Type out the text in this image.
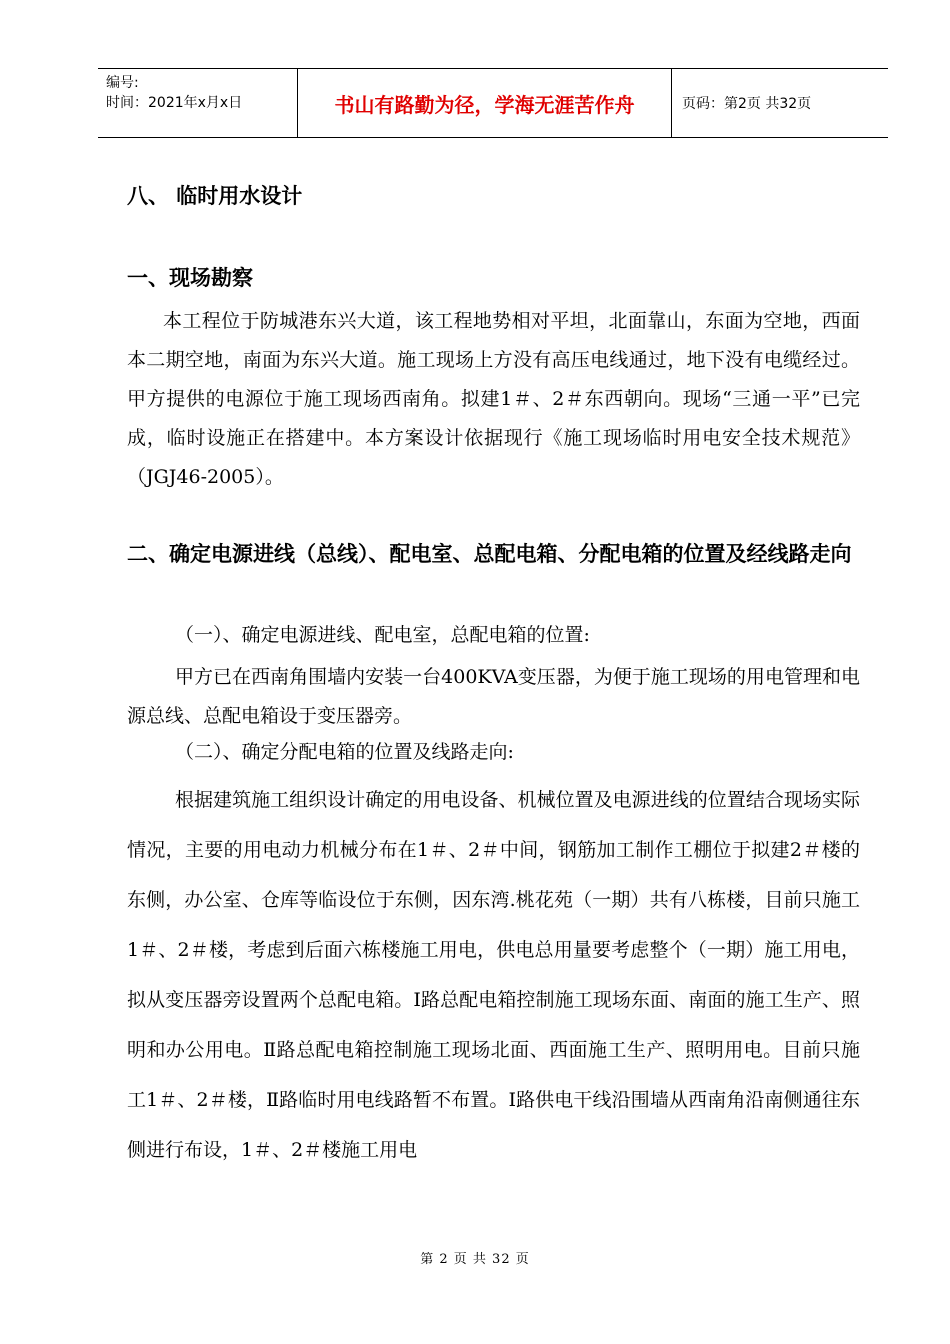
编号:
时间：2021年x月x日	书山有路勤为径，学海无涯苦作舟	页码：第2页 共32页
八、 临时用水设计
一、现场勘察
本工程位于防城港东兴大道，该工程地势相对平坦，北面靠山，东面为空地，西面本二期空地，南面为东兴大道。施工现场上方没有高压电线通过，地下没有电缆经过。甲方提供的电源位于施工现场西南角。拟建1＃、2＃东西朝向。现场“三通一平”已完成，临时设施正在搭建中。本方案设计依据现行《施工现场临时用电安全技术规范》（JGJ46-2005）。
二、确定电源进线（总线）、配电室、总配电箱、分配电箱的位置及经线路走向
（一）、确定电源进线、配电室，总配电箱的位置:
甲方已在西南角围墙内安装一台400KVA变压器，为便于施工现场的用电管理和电源总线、总配电箱设于变压器旁。
（二）、确定分配电箱的位置及线路走向:
根据建筑施工组织设计确定的用电设备、机械位置及电源进线的位置结合现场实际情况，主要的用电动力机械分布在1＃、2＃中间，钢筋加工制作工棚位于拟建2＃楼的东侧，办公室、仓库等临设位于东侧，因东湾.桃花苑（一期）共有八栋楼，目前只施工1＃、2＃楼，考虑到后面六栋楼施工用电，供电总用量要考虑整个（一期）施工用电，拟从变压器旁设置两个总配电箱。Ⅰ路总配电箱控制施工现场东面、南面的施工生产、照明和办公用电。Ⅱ路总配电箱控制施工现场北面、西面施工生产、照明用电。目前只施工1＃、2＃楼，Ⅱ路临时用电线路暂不布置。Ⅰ路供电干线沿围墙从西南角沿南侧通往东侧进行布设，1＃、2＃楼施工用电
第 2 页 共 32 页
